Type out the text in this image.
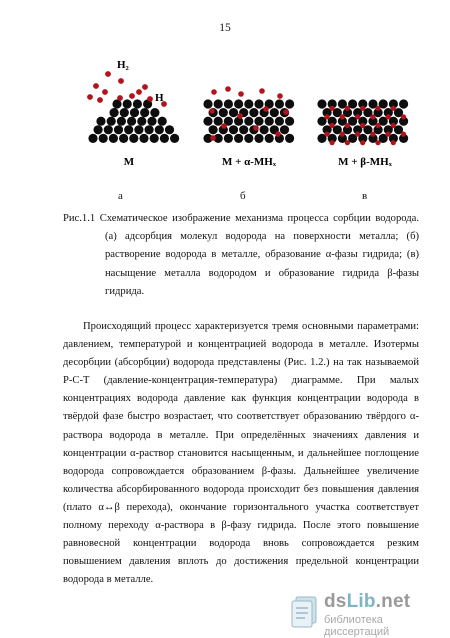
15
H₂
H
M	M + α-MHₓ	M + β-MHₓ
а	б	в
Рис.1.1 Схематическое изображение механизма процесса сорбции водорода.
(а) адсорбция молекул водорода на поверхности металла; (б) растворение водорода в металле, образование α-фазы гидрида; (в) насыщение металла водородом и образование гидрида β-фазы гидрида.
Происходящий процесс характеризуется тремя основными параметрами: давлением, температурой и концентрацией водорода в металле. Изотермы десорбции (абсорбции) водорода представлены (Рис. 1.2.) на так называемой P-C-T (давление-концентрация-температура) диаграмме. При малых концентрациях водорода давление как функция концентрации водорода в твёрдой фазе быстро возрастает, что соответствует образованию твёрдого α-раствора водорода в металле. При определённых значениях давления и концентрации α-раствор становится насыщенным, и дальнейшее поглощение водорода сопровождается образованием β-фазы. Дальнейшее увеличение количества абсорбированного водорода происходит без повышения давления (плато α↔β перехода), окончание горизонтального участка соответствует полному переходу α-раствора в β-фазу гидрида. После этого повышение равновесной концентрации водорода вновь сопровождается резким повышением давления вплоть до достижения предельной концентрации водорода в металле.
dsLib.net
библиотека диссертаций
